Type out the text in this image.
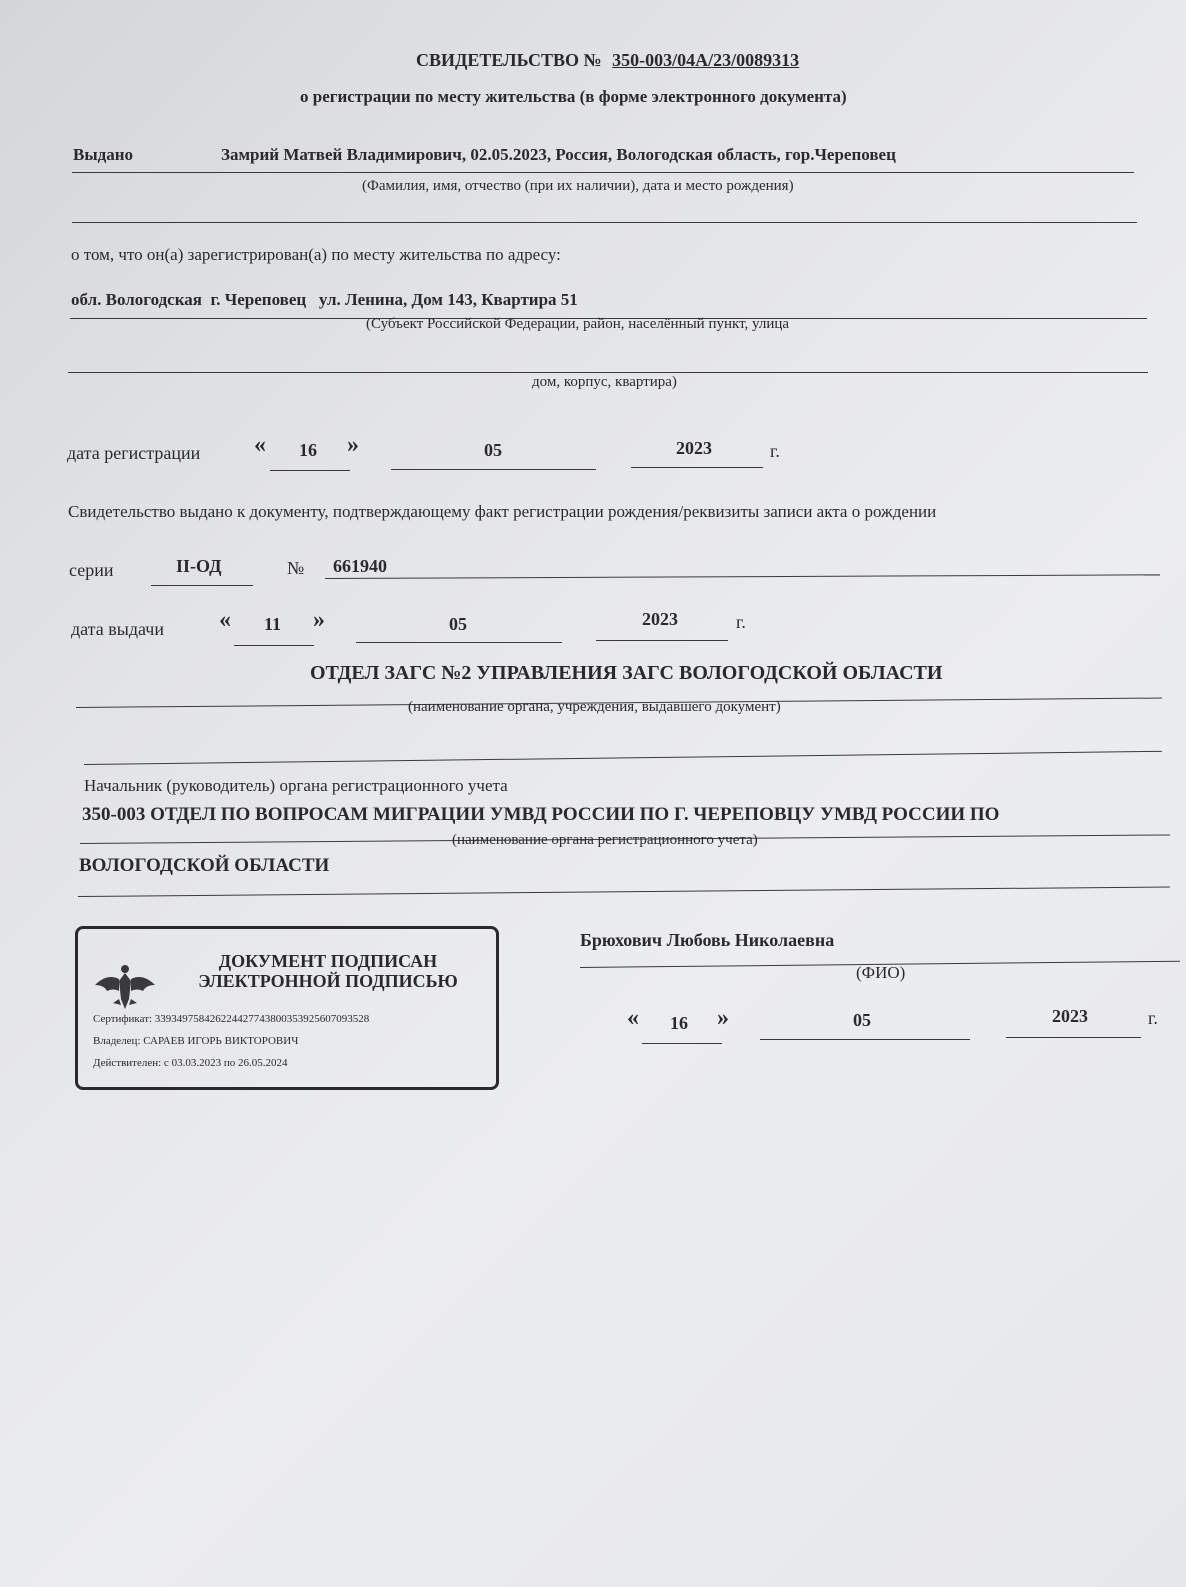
СВИДЕТЕЛЬСТВО № 350-003/04А/23/0089313
о регистрации по месту жительства (в форме электронного документа)
Выдано	Замрий Матвей Владимирович, 02.05.2023, Россия, Вологодская область, гор.Череповец
(Фамилия, имя, отчество (при их наличии), дата и место рождения)
о том, что он(а) зарегистрирован(а) по месту жительства по адресу:
обл. Вологодская  г. Череповец   ул. Ленина, Дом 143, Квартира 51
(Субъект Российской Федерации, район, населённый пункт, улица
дом, корпус, квартира)
дата регистрации « 16 »	05	2023	г.
Свидетельство выдано к документу, подтверждающему факт регистрации рождения/реквизиты записи акта о рождении
серии	II-ОД	№ 661940
дата выдачи « 11 »	05	2023	г.
ОТДЕЛ ЗАГС №2 УПРАВЛЕНИЯ ЗАГС ВОЛОГОДСКОЙ ОБЛАСТИ
(наименование органа, учреждения, выдавшего документ)
Начальник (руководитель) органа регистрационного учета
350-003 ОТДЕЛ ПО ВОПРОСАМ МИГРАЦИИ УМВД РОССИИ ПО Г. ЧЕРЕПОВЦУ УМВД РОССИИ ПО
(наименование органа регистрационного учета)
ВОЛОГОДСКОЙ ОБЛАСТИ
ДОКУМЕНТ ПОДПИСАН
ЭЛЕКТРОННОЙ ПОДПИСЬЮ
Сертификат: 339349758426224427743800353925607093528
Владелец: САРАЕВ ИГОРЬ ВИКТОРОВИЧ
Действителен: с 03.03.2023 по 26.05.2024
Брюхович Любовь Николаевна
(ФИО)
« 16 »	05	2023	г.
